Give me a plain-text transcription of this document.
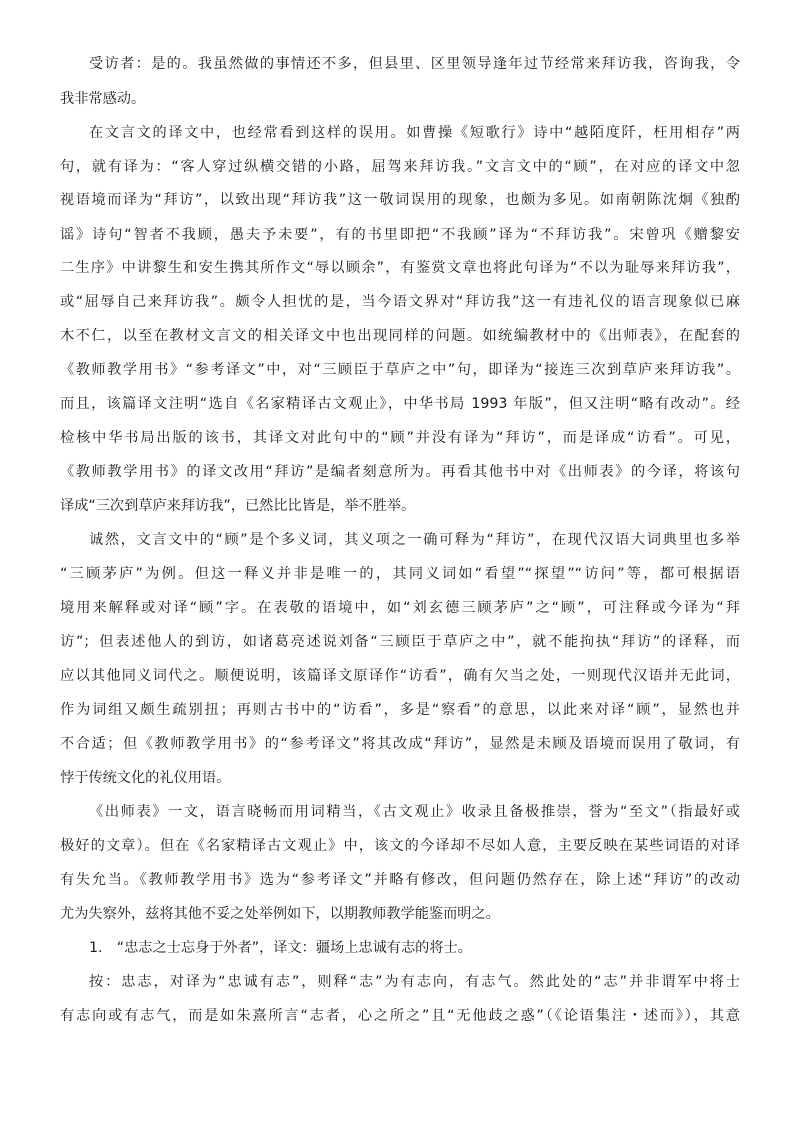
受访者：是的。我虽然做的事情还不多，但县里、区里领导逢年过节经常来拜访我，咨询我，令
我非常感动。
在文言文的译文中，也经常看到这样的误用。如曹操《短歌行》诗中“越陌度阡，枉用相存”两
句，就有译为：“客人穿过纵横交错的小路，屈驾来拜访我。”文言文中的“顾”，在对应的译文中忽
视语境而译为“拜访”，以致出现“拜访我”这一敬词误用的现象，也颇为多见。如南朝陈沈炯《独酌
谣》诗句“智者不我顾，愚夫予未要”，有的书里即把“不我顾”译为“不拜访我”。宋曾巩《赠黎安
二生序》中讲黎生和安生携其所作文“辱以顾余”，有鉴赏文章也将此句译为“不以为耻辱来拜访我”，
或“屈辱自己来拜访我”。颇令人担忧的是，当今语文界对“拜访我”这一有违礼仪的语言现象似已麻
木不仁，以至在教材文言文的相关译文中也出现同样的问题。如统编教材中的《出师表》，在配套的
《教师教学用书》“参考译文”中，对“三顾臣于草庐之中”句，即译为“接连三次到草庐来拜访我”。
而且，该篇译文注明“选自《名家精译古文观止》，中华书局 1993 年版”，但又注明“略有改动”。经
检核中华书局出版的该书，其译文对此句中的“顾”并没有译为“拜访”，而是译成“访看”。可见，
《教师教学用书》的译文改用“拜访”是编者刻意所为。再看其他书中对《出师表》的今译，将该句
译成“三次到草庐来拜访我”，已然比比皆是，举不胜举。
诚然，文言文中的“顾”是个多义词，其义项之一确可释为“拜访”，在现代汉语大词典里也多举
“三顾茅庐”为例。但这一释义并非是唯一的，其同义词如“看望”“探望”“访问”等，都可根据语
境用来解释或对译“顾”字。在表敬的语境中，如“刘玄德三顾茅庐”之“顾”，可注释或今译为“拜
访”；但表述他人的到访，如诸葛亮述说刘备“三顾臣于草庐之中”，就不能拘执“拜访”的译释，而
应以其他同义词代之。顺便说明，该篇译文原译作“访看”，确有欠当之处，一则现代汉语并无此词，
作为词组又颇生疏别扭；再则古书中的“访看”，多是“察看”的意思，以此来对译“顾”，显然也并
不合适；但《教师教学用书》的“参考译文”将其改成“拜访”，显然是未顾及语境而误用了敬词，有
悖于传统文化的礼仪用语。
《出师表》一文，语言晓畅而用词精当，《古文观止》收录且备极推崇，誉为“至文”（指最好或
极好的文章）。但在《名家精译古文观止》中，该文的今译却不尽如人意，主要反映在某些词语的对译
有失允当。《教师教学用书》选为“参考译文”并略有修改，但问题仍然存在，除上述“拜访”的改动
尤为失察外，兹将其他不妥之处举例如下，以期教师教学能鉴而明之。
1.　“忠志之士忘身于外者”，译文：疆场上忠诚有志的将士。
按：忠志，对译为“忠诚有志”，则释“志”为有志向，有志气。然此处的“志”并非谓军中将士
有志向或有志气，而是如朱熹所言“志者，心之所之”且“无他歧之惑”（《论语集注・述而》），其意
